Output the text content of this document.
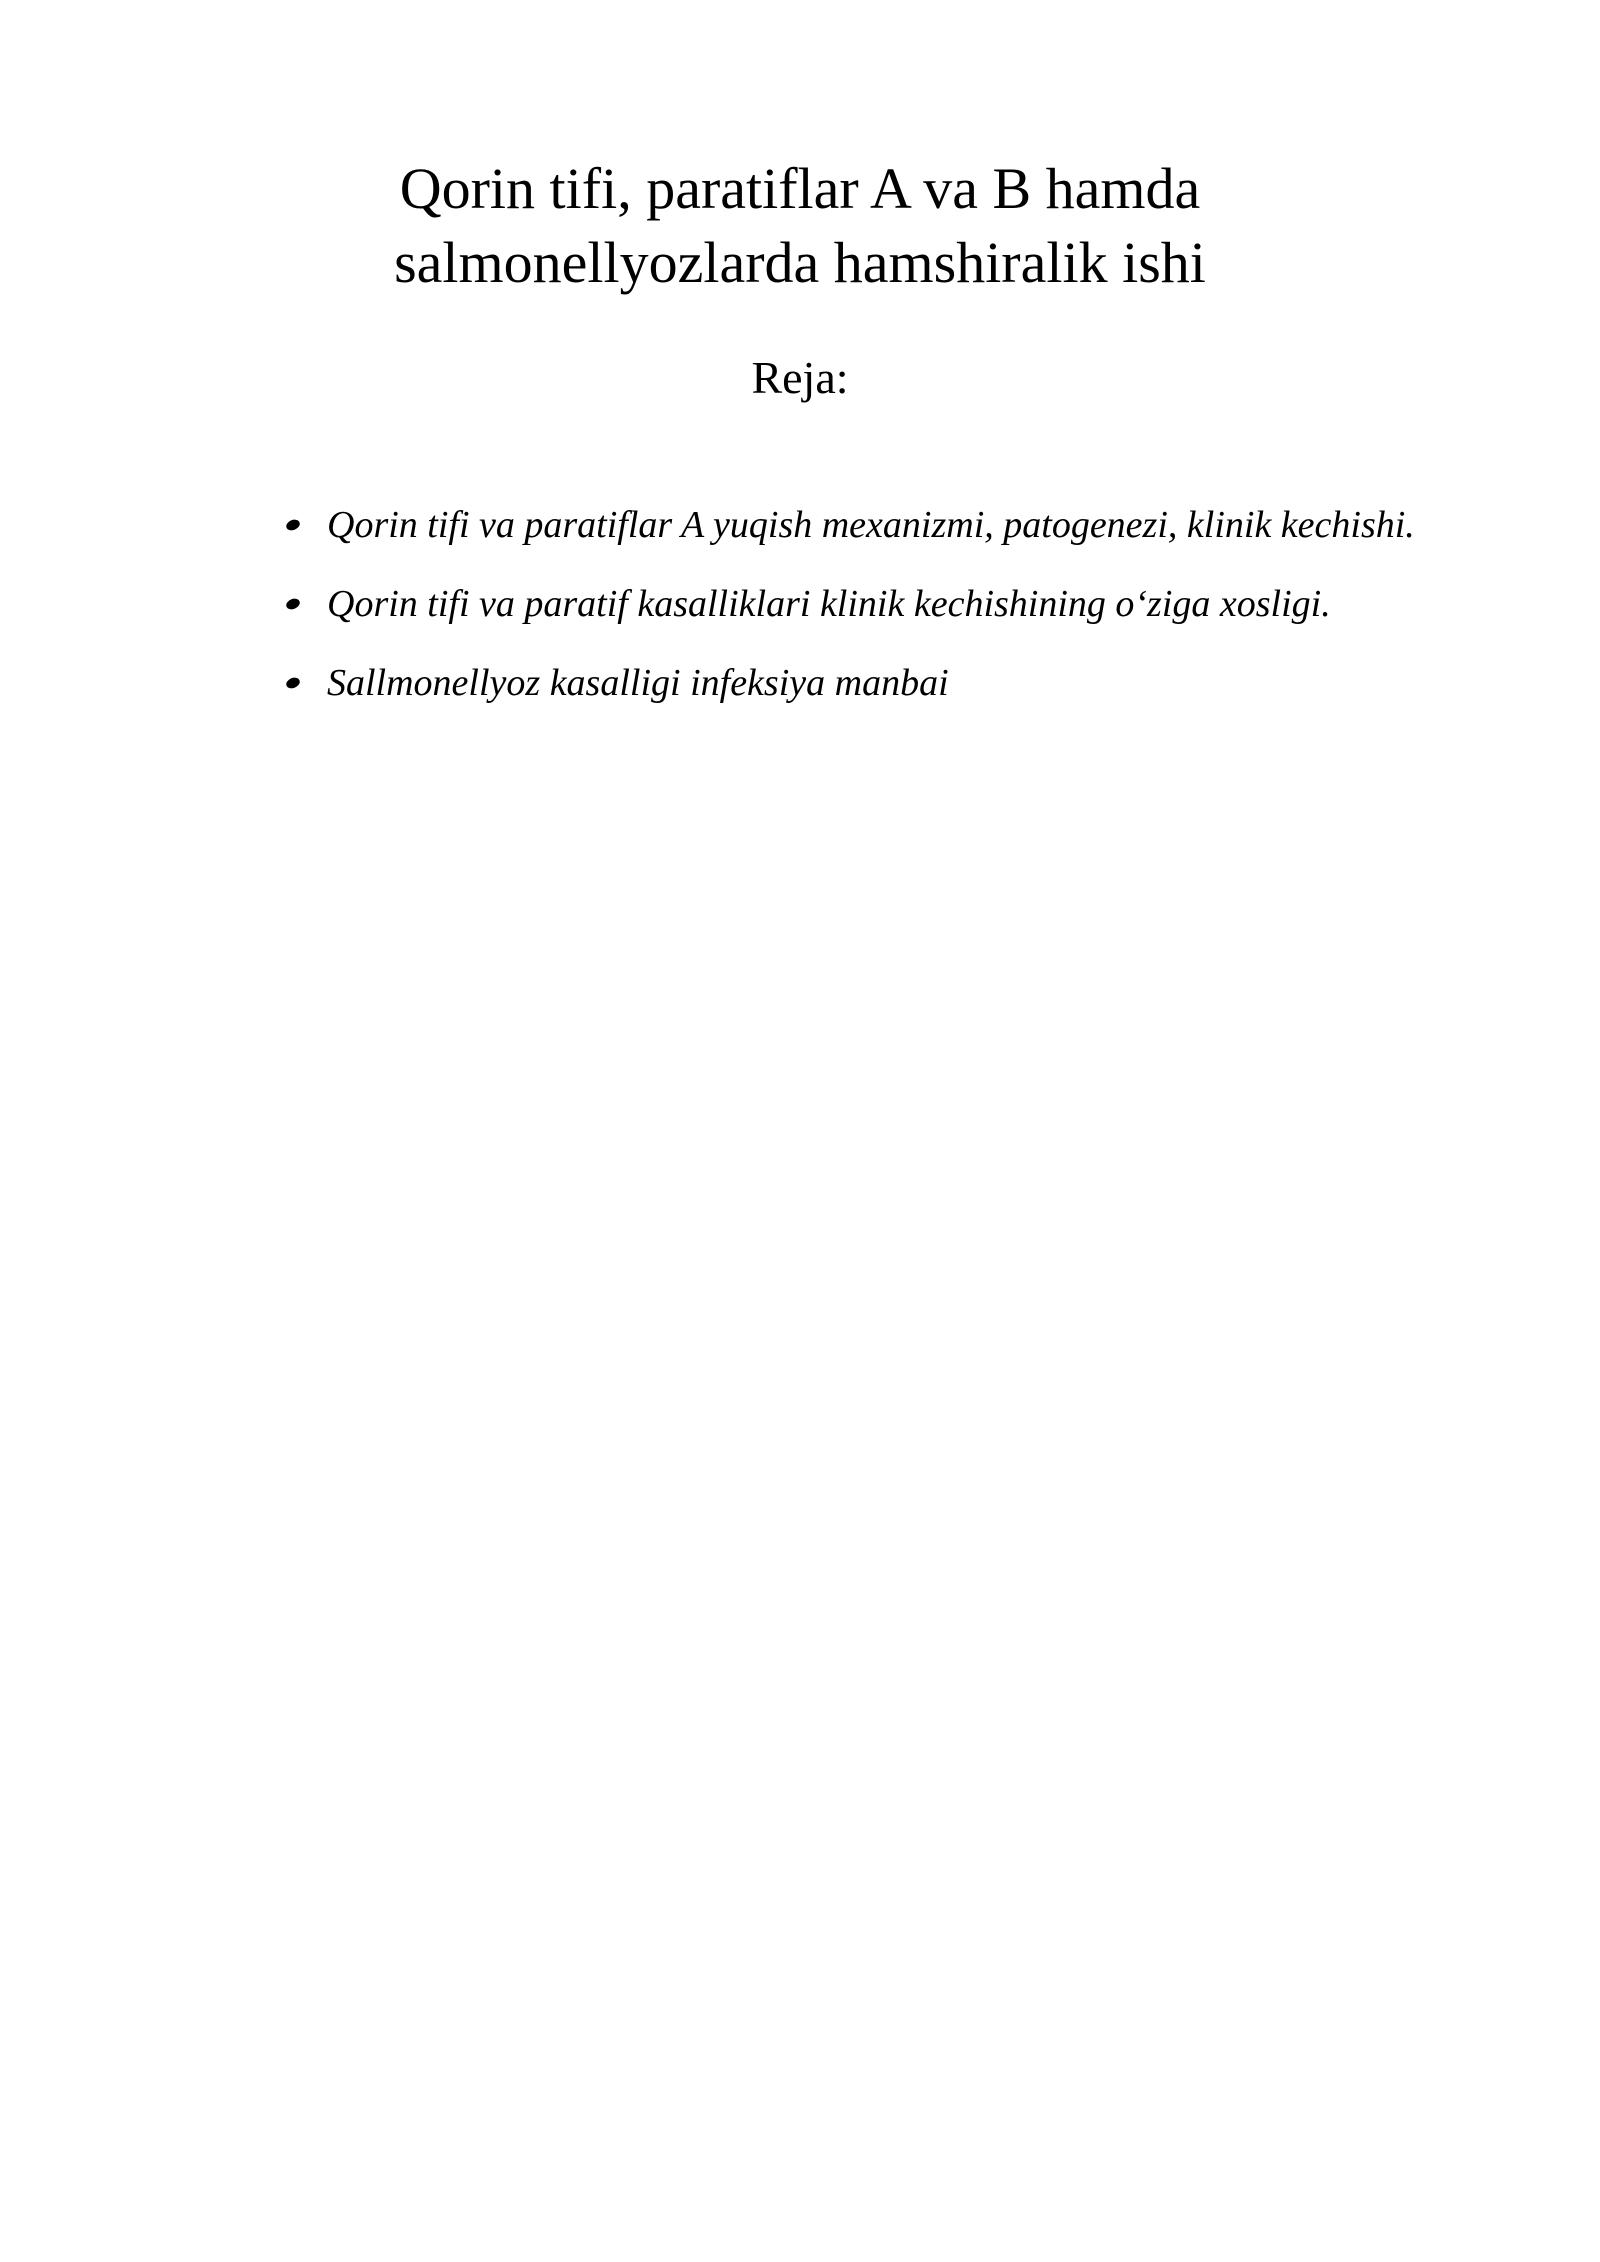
Qorin tifi, paratiflar A va B hamda
salmonellyozlarda hamshiralik ishi

Reja:

Qorin tifi va paratiflar A yuqish mexanizmi, patogenezi, klinik kechishi.
Qorin tifi va paratif kasalliklari klinik kechishining o‘ziga xosligi.
Sallmonellyoz kasalligi infeksiya manbai
